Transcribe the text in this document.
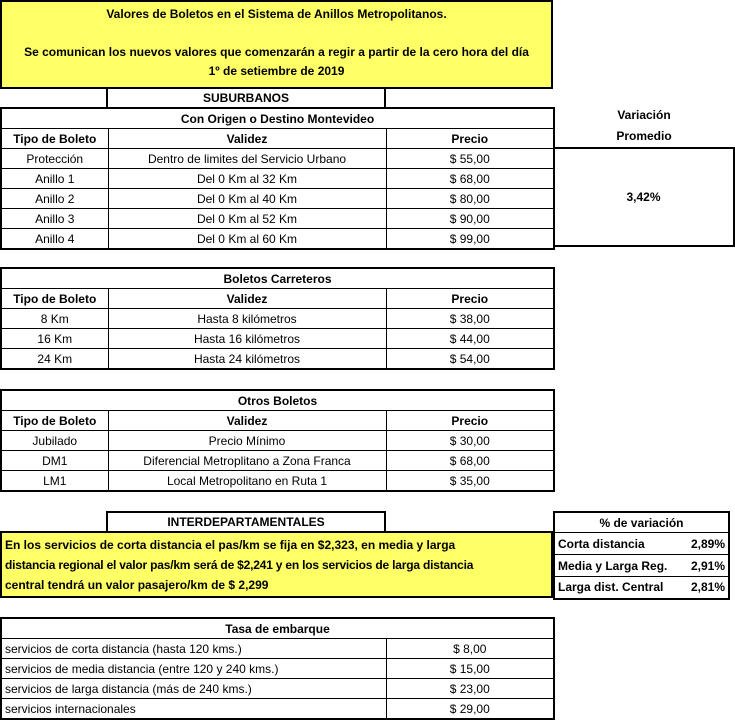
Valores de Boletos en el Sistema de Anillos Metropolitanos.
Se comunican los nuevos valores que comenzarán a regir a partir de la cero hora del día
1º de setiembre de 2019
SUBURBANOS
Variación
Promedio
3,42%
Con Origen o Destino Montevideo		
Tipo de Boleto	Validez	Precio
Protección	Dentro de limites del Servicio Urbano	$ 55,00
Anillo 1	Del 0 Km al 32 Km	$ 68,00
Anillo 2	Del 0 Km al 40 Km	$ 80,00
Anillo 3	Del 0 Km al 52 Km	$ 90,00
Anillo 4	Del 0 Km al 60 Km	$ 99,00
Boletos Carreteros		
Tipo de Boleto	Validez	Precio
8 Km	Hasta 8 kilómetros	$ 38,00
16 Km	Hasta 16 kilómetros	$ 44,00
24 Km	Hasta 24 kilómetros	$ 54,00
Otros Boletos		
Tipo de Boleto	Validez	Precio
Jubilado	Precio Mínimo	$ 30,00
DM1	Diferencial Metroplitano a Zona Franca	$ 68,00
LM1	Local Metropolitano en Ruta 1	$ 35,00
INTERDEPARTAMENTALES
En los servicios de corta distancia el pas/km se fija en $2,323, en media y larga
distancia regional el valor pas/km será de $2,241 y en los servicios de larga distancia
central tendrá un valor pasajero/km de $ 2,299
% de variación	
Corta distancia	2,89%
Media y Larga Reg.	2,91%
Larga dist. Central	2,81%
Tasa de embarque	
servicios de corta distancia (hasta 120 kms.)	$ 8,00
servicios de media distancia (entre 120 y 240 kms.)	$ 15,00
servicios de larga distancia (más de 240 kms.)	$ 23,00
servicios internacionales	$ 29,00
